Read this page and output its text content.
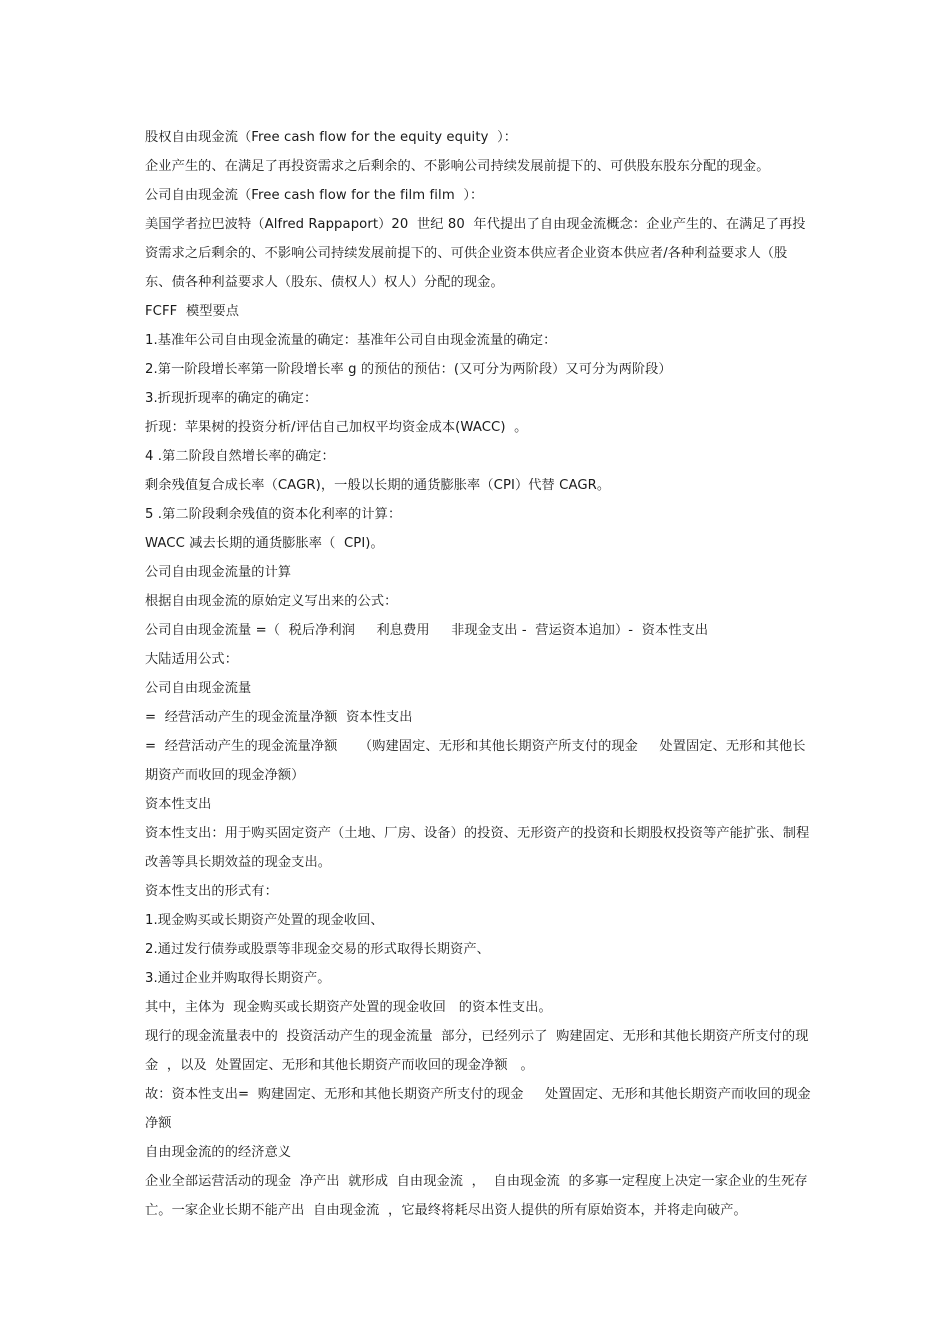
股权自由现金流（Free cash flow for the equity equity  ）：

企业产生的、在满足了再投资需求之后剩余的、不影响公司持续发展前提下的、可供股东股东分配的现金。

公司自由现金流（Free cash flow for the film film  ）：

美国学者拉巴波特（Alfred Rappaport）20  世纪 80  年代提出了自由现金流概念：企业产生的、在满足了再投资需求之后剩余的、不影响公司持续发展前提下的、可供企业资本供应者企业资本供应者/各种利益要求人（股东、债各种利益要求人（股东、债权人）权人）分配的现金。

FCFF  模型要点

1.基准年公司自由现金流量的确定：基准年公司自由现金流量的确定：

2.第一阶段增长率第一阶段增长率 g 的预估的预估：(又可分为两阶段）又可分为两阶段）

3.折现折现率的确定的确定：

折现：苹果树的投资分析/评估自己加权平均资金成本(WACC)  。

4 .第二阶段自然增长率的确定：

剩余残值复合成长率（CAGR)，一般以长期的通货膨胀率（CPI）代替 CAGR。

5 .第二阶段剩余残值的资本化利率的计算：

WACC 减去长期的通货膨胀率（  CPI)。

公司自由现金流量的计算

根据自由现金流的原始定义写出来的公式：

公司自由现金流量 =（  税后净利润     利息费用     非现金支出 -  营运资本追加）-  资本性支出

大陆适用公式：

公司自由现金流量

=  经营活动产生的现金流量净额  资本性支出

=  经营活动产生的现金流量净额     （购建固定、无形和其他长期资产所支付的现金     处置固定、无形和其他长期资产而收回的现金净额）

资本性支出

资本性支出：用于购买固定资产（土地、厂房、设备）的投资、无形资产的投资和长期股权投资等产能扩张、制程改善等具长期效益的现金支出。

资本性支出的形式有：

1.现金购买或长期资产处置的现金收回、

2.通过发行债券或股票等非现金交易的形式取得长期资产、

3.通过企业并购取得长期资产。

其中，主体为  现金购买或长期资产处置的现金收回   的资本性支出。

现行的现金流量表中的  投资活动产生的现金流量  部分，已经列示了  购建固定、无形和其他长期资产所支付的现金  ，以及  处置固定、无形和其他长期资产而收回的现金净额   。

故：资本性支出=  购建固定、无形和其他长期资产所支付的现金     处置固定、无形和其他长期资产而收回的现金净额

自由现金流的的经济意义

企业全部运营活动的现金  净产出  就形成  自由现金流  ，  自由现金流  的多寡一定程度上决定一家企业的生死存亡。一家企业长期不能产出  自由现金流  ，它最终将耗尽出资人提供的所有原始资本，并将走向破产。
